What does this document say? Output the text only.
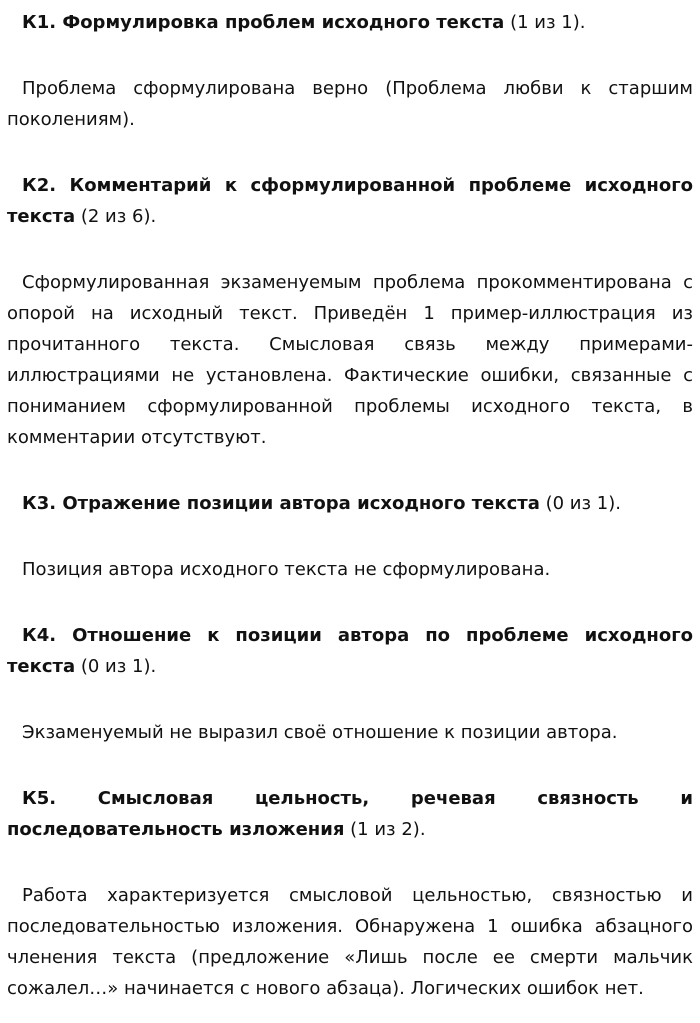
К1. Формулировка проблем исходного текста (1 из 1).

Проблема сформулирована верно (Проблема любви к старшим поколениям).

К2. Комментарий к сформулированной проблеме исходного текста (2 из 6).

Сформулированная экзаменуемым проблема прокомментирована с опорой на исходный текст. Приведён 1 пример-иллюстрация из прочитанного текста. Смысловая связь между примерами-иллюстрациями не установлена. Фактические ошибки, связанные с пониманием сформулированной проблемы исходного текста, в комментарии отсутствуют.

К3. Отражение позиции автора исходного текста (0 из 1).

Позиция автора исходного текста не сформулирована.

К4. Отношение к позиции автора по проблеме исходного текста (0 из 1).

Экзаменуемый не выразил своё отношение к позиции автора.

К5. Смысловая цельность, речевая связность и последовательность изложения (1 из 2).

Работа характеризуется смысловой цельностью, связностью и последовательностью изложения. Обнаружена 1 ошибка абзацного членения текста (предложение «Лишь после ее смерти мальчик сожалел…» начинается с нового абзаца). Логических ошибок нет.
